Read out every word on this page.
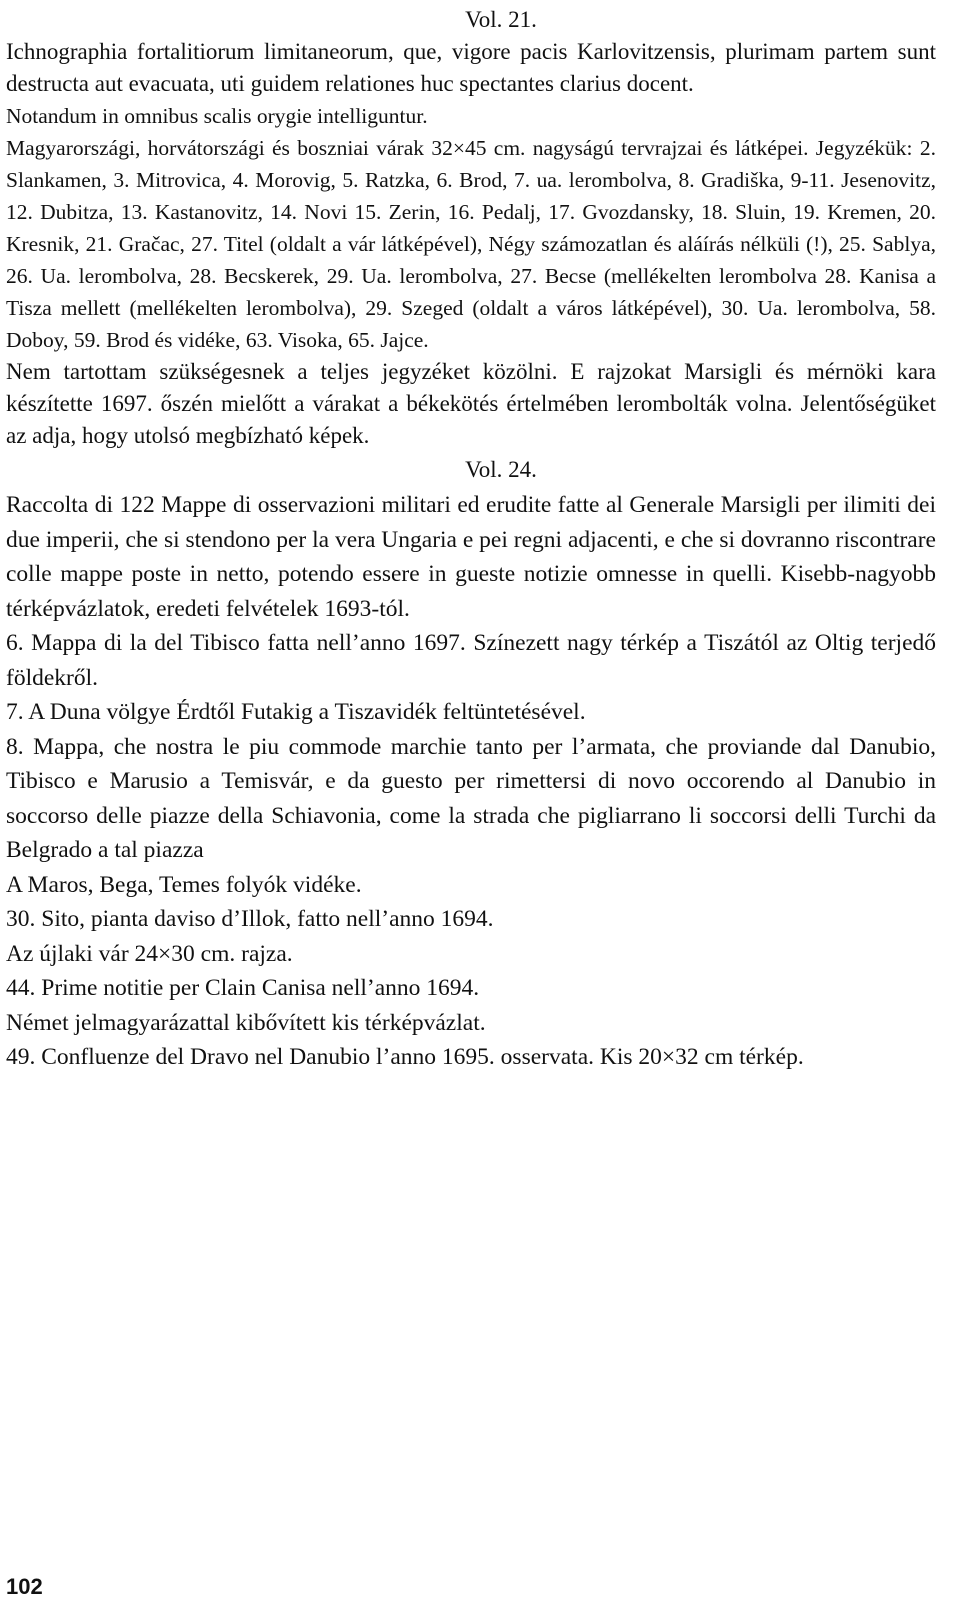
Vol. 21.

Ichnographia fortalitiorum limitaneorum, que, vigore pacis Karlovitzensis, plurimam partem sunt destructa aut evacuata, uti guidem relationes huc spectantes clarius docent.

Notandum in omnibus scalis orygie intelliguntur.

Magyarországi, horvátországi és boszniai várak 32×45 cm. nagyságú tervrajzai és látképei. Jegyzékük: 2. Slankamen, 3. Mitrovica, 4. Morovig, 5. Ratzka, 6. Brod, 7. ua. lerombolva, 8. Gradiška, 9-11. Jesenovitz, 12. Dubitza, 13. Kastanovitz, 14. Novi 15. Zerin, 16. Pedalj, 17. Gvozdansky, 18. Sluin, 19. Kremen, 20. Kresnik, 21. Gračac, 27. Titel (oldalt a vár látképével), Négy számozatlan és aláírás nélküli (!), 25. Sablya, 26. Ua. lerombolva, 28. Becskerek, 29. Ua. lerombolva, 27. Becse (mellékelten lerombolva 28. Kanisa a Tisza mellett (mellékelten lerombolva), 29. Szeged (oldalt a város látképével), 30. Ua. lerombolva, 58. Doboy, 59. Brod és vidéke, 63. Visoka, 65. Jajce.

Nem tartottam szükségesnek a teljes jegyzéket közölni. E rajzokat Marsigli és mérnöki kara készítette 1697. őszén mielőtt a várakat a békekötés értelmében lerombolták volna. Jelentőségüket az adja, hogy utolsó megbízható képek.

Vol. 24.

Raccolta di 122 Mappe di osservazioni militari ed erudite fatte al Generale Marsigli per ilimiti dei due imperii, che si stendono per la vera Ungaria e pei regni adjacenti, e che si dovranno riscontrare colle mappe poste in netto, potendo essere in gueste notizie omnesse in quelli. Kisebb-nagyobb térképvázlatok, eredeti felvételek 1693-tól.

6. Mappa di la del Tibisco fatta nell’anno 1697. Színezett nagy térkép a Tiszától az Oltig terjedő földekről.

7. A Duna völgye Érdtől Futakig a Tiszavidék feltüntetésével.

8. Mappa, che nostra le piu commode marchie tanto per l’armata, che proviande dal Danubio, Tibisco e Marusio a Temisvár, e da guesto per rimettersi di novo occorendo al Danubio in soccorso delle piazze della Schiavonia, come la strada che pigliarrano li soccorsi delli Turchi da Belgrado a tal piazza

A Maros, Bega, Temes folyók vidéke.

30. Sito, pianta daviso d’Illok, fatto nell’anno 1694.

Az újlaki vár 24×30 cm. rajza.

44. Prime notitie per Clain Canisa nell’anno 1694.

Német jelmagyarázattal kibővített kis térképvázlat.

49. Confluenze del Dravo nel Danubio l’anno 1695. osservata. Kis 20×32 cm térkép.

102
